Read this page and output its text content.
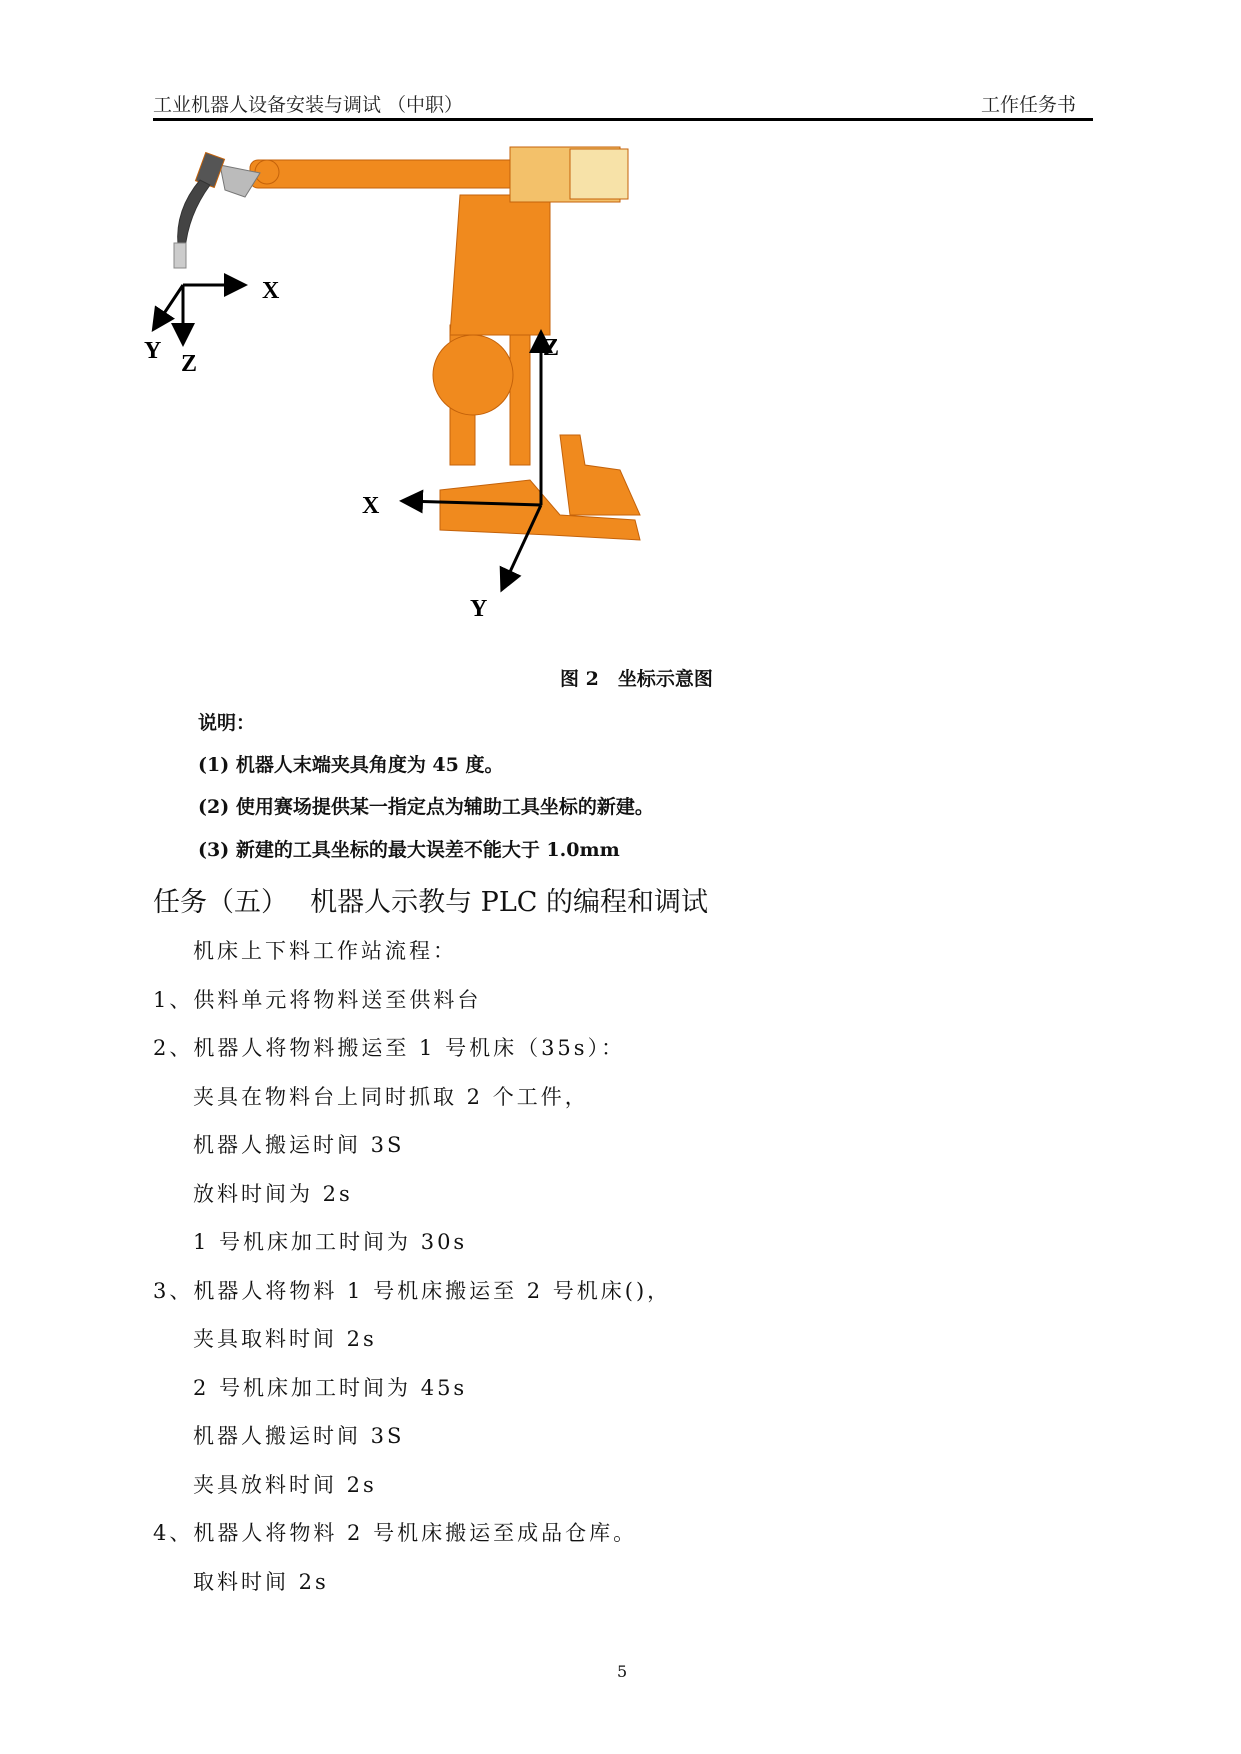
工业机器人设备安装与调试 （中职）	工作任务书
X
Y Z
Z
X
Y
图 2　坐标示意图
说明：
(1) 机器人末端夹具角度为 45 度。
(2) 使用赛场提供某一指定点为辅助工具坐标的新建。
(3) 新建的工具坐标的最大误差不能大于 1.0mm
任务（五）　 机器人示教与 PLC 的编程和调试
机床上下料工作站流程：
1、供料单元将物料送至供料台
2、机器人将物料搬运至 1 号机床（35s）：
夹具在物料台上同时抓取 2 个工件，
机器人搬运时间 3S
放料时间为 2s
1 号机床加工时间为 30s
3、机器人将物料 1 号机床搬运至 2 号机床()，
夹具取料时间 2s
2 号机床加工时间为 45s
机器人搬运时间 3S
夹具放料时间 2s
4、机器人将物料 2 号机床搬运至成品仓库。
取料时间 2s
5
